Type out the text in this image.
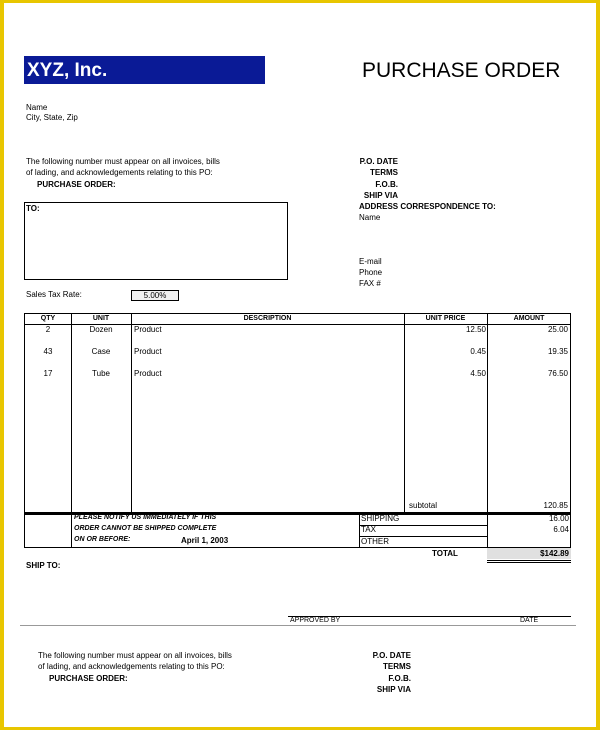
XYZ, Inc.	PURCHASE ORDER
Name
City, State, Zip
The following number must appear on all invoices, bills
of lading, and acknowledgements relating to this PO:
PURCHASE ORDER:
P.O. DATE
TERMS
F.O.B.
SHIP VIA
ADDRESS CORRESPONDENCE TO:
Name
E-mail
Phone
FAX #
TO:
Sales Tax Rate:	5.00%
QTY	UNIT	DESCRIPTION	UNIT PRICE	AMOUNT
2	Dozen	Product	12.50	25.00
43	Case	Product	0.45	19.35
17	Tube	Product	4.50	76.50
subtotal	120.85
PLEASE NOTIFY US IMMEDIATELY IF THIS
ORDER CANNOT BE SHIPPED COMPLETE
ON OR BEFORE:	April 1, 2003
SHIPPING	16.00
TAX	6.04
OTHER
TOTAL	$142.89
SHIP TO:
APPROVED BY	DATE
The following number must appear on all invoices, bills
of lading, and acknowledgements relating to this PO:
PURCHASE ORDER:
P.O. DATE
TERMS
F.O.B.
SHIP VIA
